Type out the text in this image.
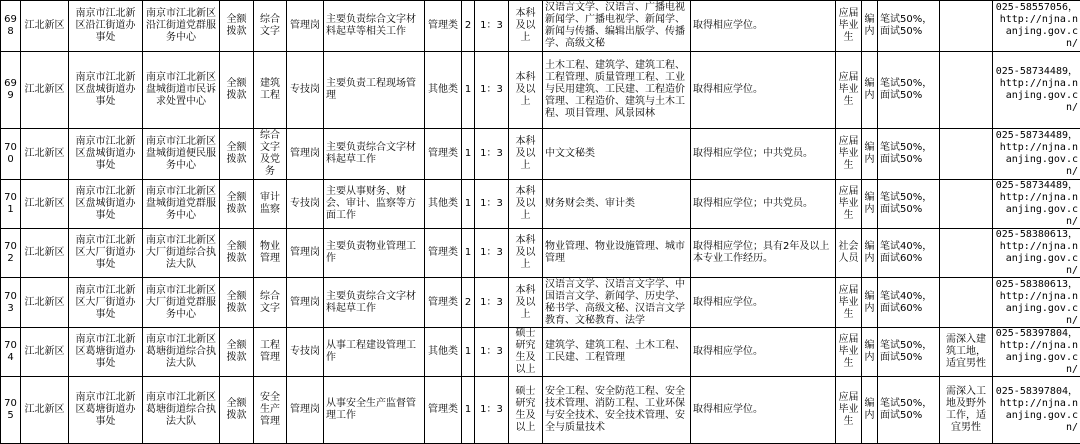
698	江北新区	南京市江北新区沿江街道办事处	南京市江北新区沿江街道党群服务中心	全额拨款	综合文字	管理岗	主要负责综合文字材料起草等相关工作	管理类	2	1：3	本科及以上	汉语言文学、汉语言、广播电视新闻学、广播电视学、新闻学、新闻与传播、编辑出版学、传播学、高级文秘	取得相应学位。	应届毕业生	编内	笔试50%，面试50%		025-58557056，http://njna.nanjing.gov.cn/
699	江北新区	南京市江北新区盘城街道办事处	南京市江北新区盘城街道市民诉求处置中心	全额拨款	建筑工程	专技岗	主要负责工程现场管理	其他类	1	1：3	本科及以上	土木工程、建筑学、建筑工程、工程管理、质量管理工程、工业与民用建筑、工民建、工程造价管理、工程造价、建筑与土木工程、项目管理、风景园林	取得相应学位。	应届毕业生	编内	笔试50%，面试50%		025-58734489，http://njna.nanjing.gov.cn/
700	江北新区	南京市江北新区盘城街道办事处	南京市江北新区盘城街道便民服务中心	全额拨款	综合文字及党务	管理岗	主要负责综合文字材料起草工作	管理类	1	1：3	本科及以上	中文文秘类	取得相应学位；中共党员。	应届毕业生	编内	笔试50%，面试50%		025-58734489，http://njna.nanjing.gov.cn/
701	江北新区	南京市江北新区盘城街道办事处	南京市江北新区盘城街道党群服务中心	全额拨款	审计监察	专技岗	主要从事财务、财会、审计、监察等方面工作	其他类	1	1：3	本科及以上	财务财会类、审计类	取得相应学位；中共党员。	应届毕业生	编内	笔试50%，面试50%		025-58734489，http://njna.nanjing.gov.cn/
702	江北新区	南京市江北新区大厂街道办事处	南京市江北新区大厂街道综合执法大队	全额拨款	物业管理	管理岗	主要负责物业管理工作	管理类	1	1：3	本科及以上	物业管理、物业设施管理、城市管理	取得相应学位；具有2年及以上本专业工作经历。	社会人员	编内	笔试40%，面试60%		025-58380613，http://njna.nanjing.gov.cn/
703	江北新区	南京市江北新区大厂街道办事处	南京市江北新区大厂街道党群服务中心	全额拨款	综合文字	管理岗	主要负责综合文字材料起草工作	管理类	2	1：3	本科及以上	汉语言文学、汉语言文字学、中国语言文学、新闻学、历史学、秘书学、高级文秘、汉语言文学教育、文秘教育、法学	取得相应学位。	应届毕业生	编内	笔试40%，面试60%		025-58380613，http://njna.nanjing.gov.cn/
704	江北新区	南京市江北新区葛塘街道办事处	南京市江北新区葛塘街道综合执法大队	全额拨款	工程管理	专技岗	从事工程建设管理工作	其他类	1	1：3	硕士研究生及以上	建筑学、建筑工程、土木工程、工民建、工程管理	取得相应学位。	应届毕业生	编内	笔试50%，面试50%	需深入建筑工地，适宜男性	025-58397804，http://njna.nanjing.gov.cn/
705	江北新区	南京市江北新区葛塘街道办事处	南京市江北新区葛塘街道综合执法大队	全额拨款	安全生产管理	管理岗	从事安全生产监督管理工作	管理类	1	1：3	硕士研究生及以上	安全工程、安全防范工程、安全技术管理、消防工程、工业环保与安全技术、安全技术管理、安全与质量技术	取得相应学位。	应届毕业生	编内	笔试50%，面试50%	需深入工地及野外工作，适宜男性	025-58397804，http://njna.nanjing.gov.cn/
